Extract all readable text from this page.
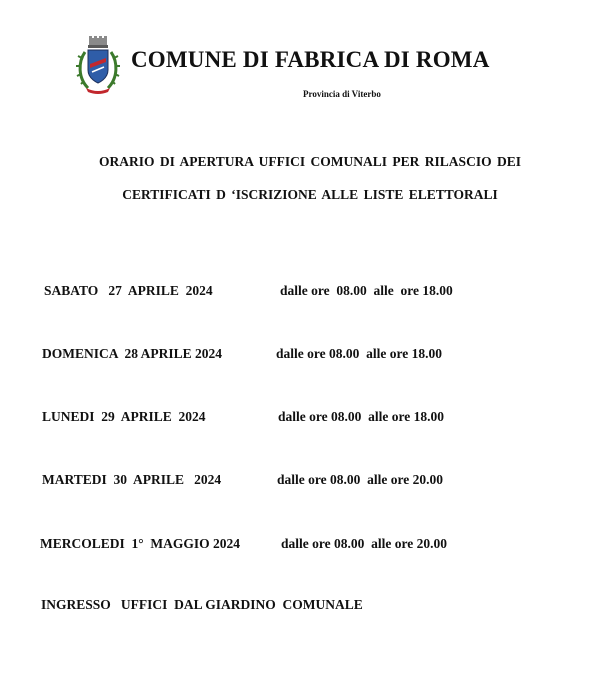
COMUNE DI FABRICA DI ROMA
Provincia di Viterbo
ORARIO DI APERTURA UFFICI COMUNALI PER RILASCIO DEI
CERTIFICATI D ‘ISCRIZIONE ALLE LISTE ELETTORALI

SABATO   27  APRILE  2024

	dalle ore  08.00  alle  ore 18.00

DOMENICA  28 APRILE 2024

	dalle ore 08.00  alle ore 18.00

LUNEDI  29  APRILE  2024

	dalle ore 08.00  alle ore 18.00

MARTEDI  30  APRILE   2024

	dalle ore 08.00  alle ore 20.00

MERCOLEDI  1°  MAGGIO 2024

	dalle ore 08.00  alle ore 20.00

INGRESSO   UFFICI  DAL GIARDINO  COMUNALE
